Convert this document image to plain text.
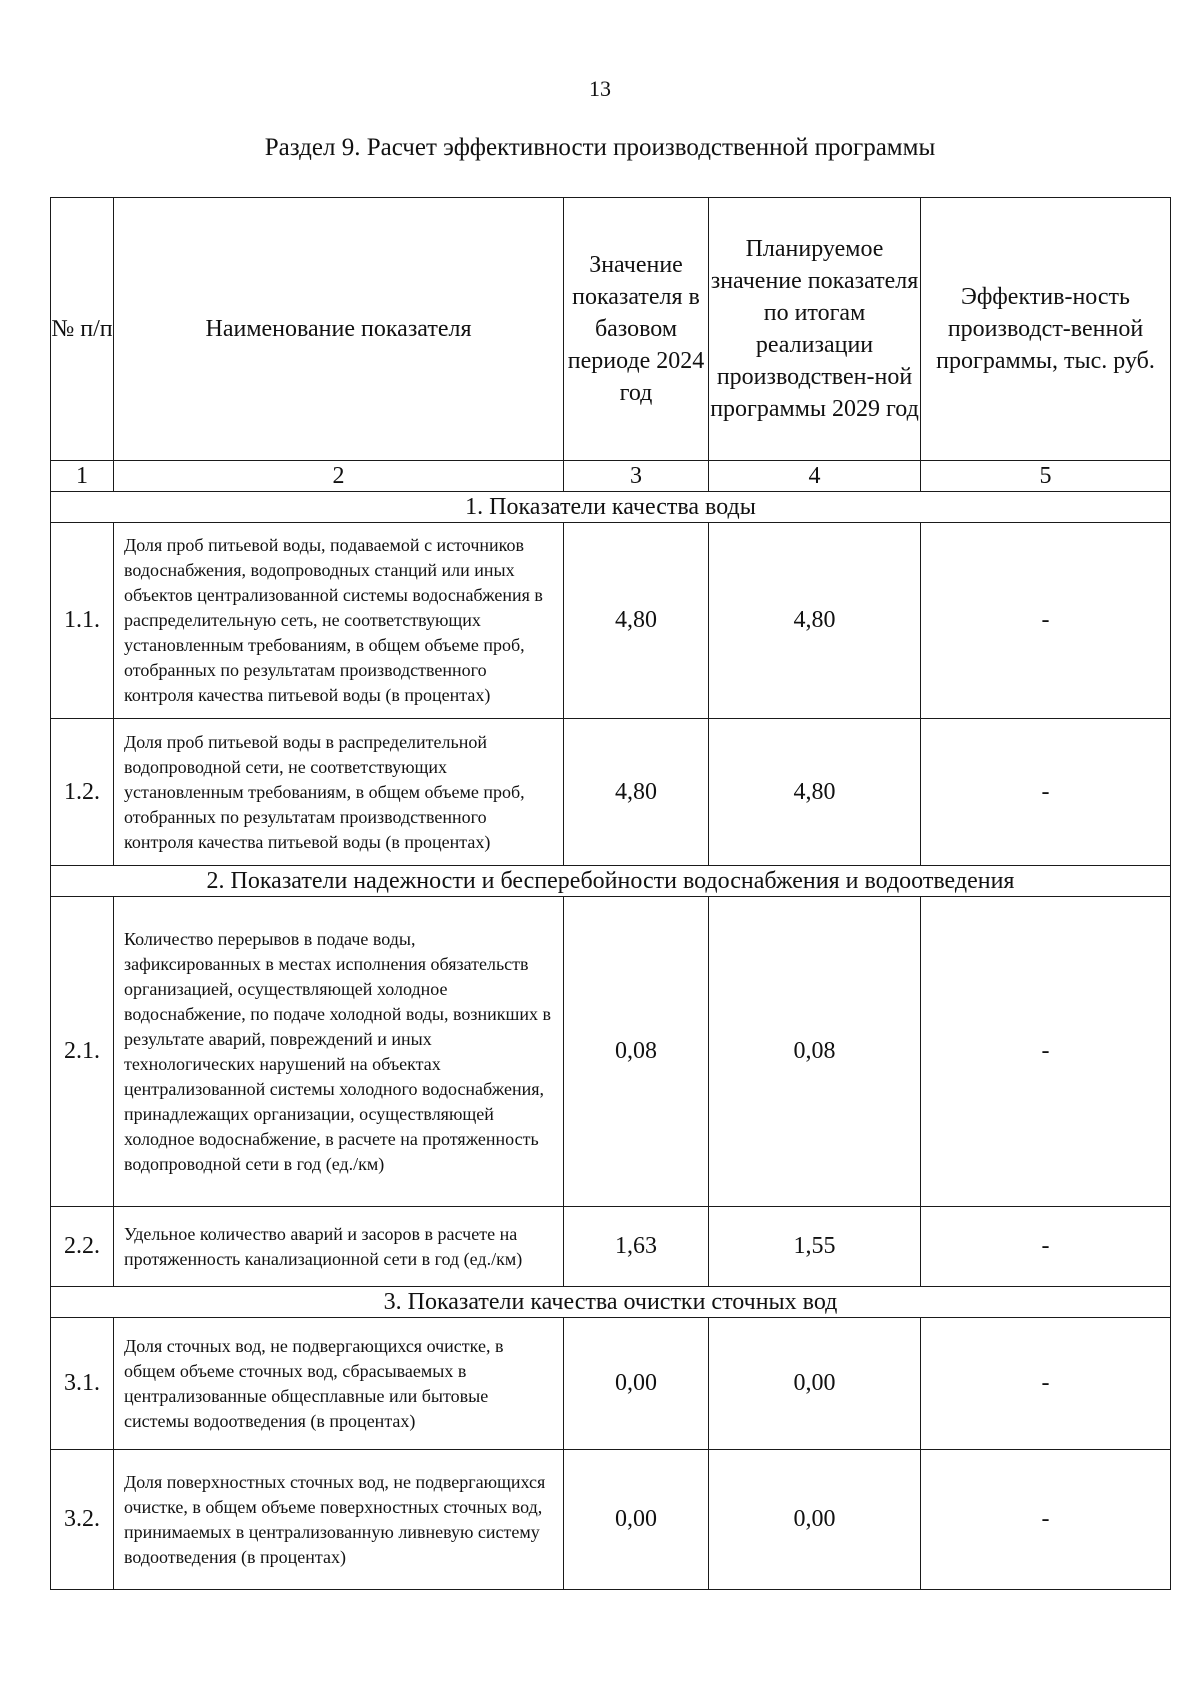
13
Раздел 9. Расчет эффективности производственной программы
№ п/п	Наименование показателя	Значение показателя в базовом периоде 2024 год	Планируемое значение показателя по итогам реализации производствен-ной программы 2029 год	Эффектив-ность производст-венной программы, тыс. руб.
1	2	3	4	5
1. Показатели качества воды				
1.1.	Доля проб питьевой воды, подаваемой с источников водоснабжения, водопроводных станций или иных объектов централизованной системы водоснабжения в распределительную сеть, не соответствующих установленным требованиям, в общем объеме проб, отобранных по результатам производственного контроля качества питьевой воды (в процентах)	4,80	4,80	-
1.2.	Доля проб питьевой воды в распределительной водопроводной сети, не соответствующих установленным требованиям, в общем объеме проб, отобранных по результатам производственного контроля качества питьевой воды (в процентах)	4,80	4,80	-
2. Показатели надежности и бесперебойности водоснабжения и водоотведения				
2.1.	Количество перерывов в подаче воды, зафиксированных в местах исполнения обязательств организацией, осуществляющей холодное водоснабжение, по подаче холодной воды, возникших в результате аварий, повреждений и иных технологических нарушений на объектах централизованной системы холодного водоснабжения, принадлежащих организации, осуществляющей холодное водоснабжение, в расчете на протяженность водопроводной сети в год (ед./км)	0,08	0,08	-
2.2.	Удельное количество аварий и засоров в расчете на протяженность канализационной сети в год (ед./км)	1,63	1,55	-
3. Показатели качества очистки сточных вод				
3.1.	Доля сточных вод, не подвергающихся очистке, в общем объеме сточных вод, сбрасываемых в централизованные общесплавные или бытовые системы водоотведения (в процентах)	0,00	0,00	-
3.2.	Доля поверхностных сточных вод, не подвергающихся очистке, в общем объеме поверхностных сточных вод, принимаемых в централизованную ливневую систему водоотведения (в процентах)	0,00	0,00	-
